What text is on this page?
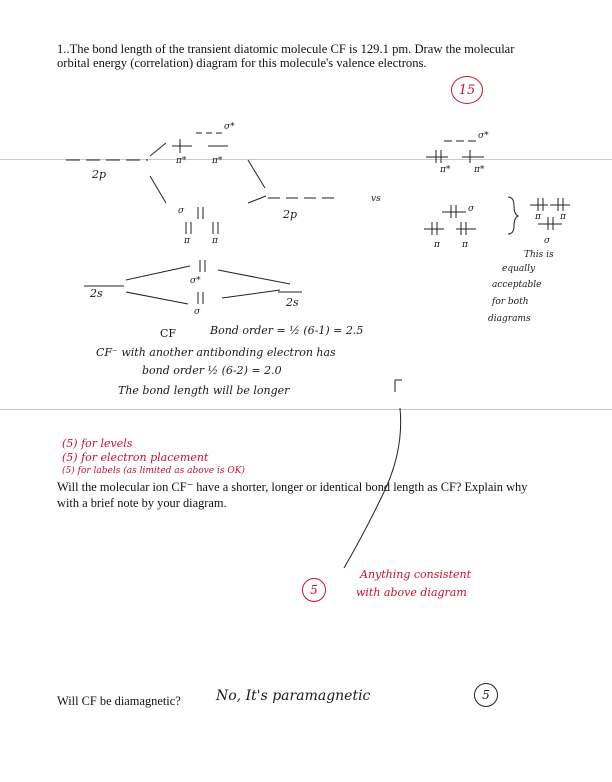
1..The bond length of the transient diatomic molecule CF is 129.1 pm. Draw the molecular
orbital energy (correlation) diagram for this molecule's valence electrons.
15
2p
2p
σ*
π*	π*
σ
π π
vs
2s
2s
σ*
σ
σ*
π*	π*
σ
π π
π π
σ
This is
equally
acceptable
for both
diagrams
CF	Bond order = ½ (6-1) = 2.5
CF⁻ with another antibonding electron has
bond order ½ (6-2) = 2.0
The bond length will be longer
(5) for levels
(5) for electron placement
(5) for labels (as limited as above is OK)
Will the molecular ion CF⁻ have a shorter, longer or identical bond length as CF? Explain why
with a brief note by your diagram.
5
Anything consistent
with above diagram
Will CF be diamagnetic?	No, It's paramagnetic	5
